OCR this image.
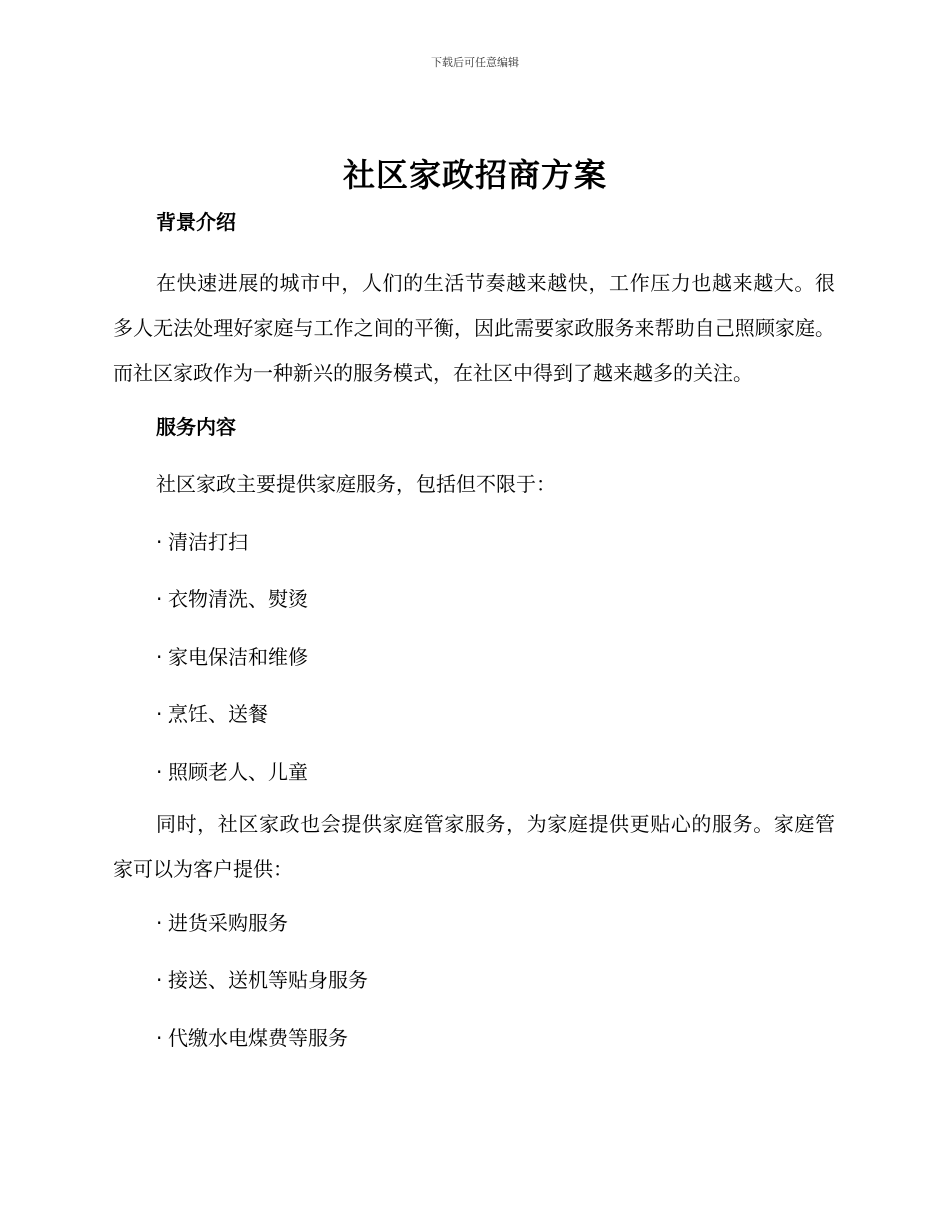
下载后可任意编辑
社区家政招商方案
背景介绍

在快速进展的城市中，人们的生活节奏越来越快，工作压力也越来越大。很多人无法处理好家庭与工作之间的平衡，因此需要家政服务来帮助自己照顾家庭。而社区家政作为一种新兴的服务模式，在社区中得到了越来越多的关注。

服务内容

社区家政主要提供家庭服务，包括但不限于：

· 清洁打扫
· 衣物清洗、熨烫
· 家电保洁和维修
· 烹饪、送餐
· 照顾老人、儿童

同时，社区家政也会提供家庭管家服务，为家庭提供更贴心的服务。家庭管家可以为客户提供：

· 进货采购服务
· 接送、送机等贴身服务
· 代缴水电煤费等服务
